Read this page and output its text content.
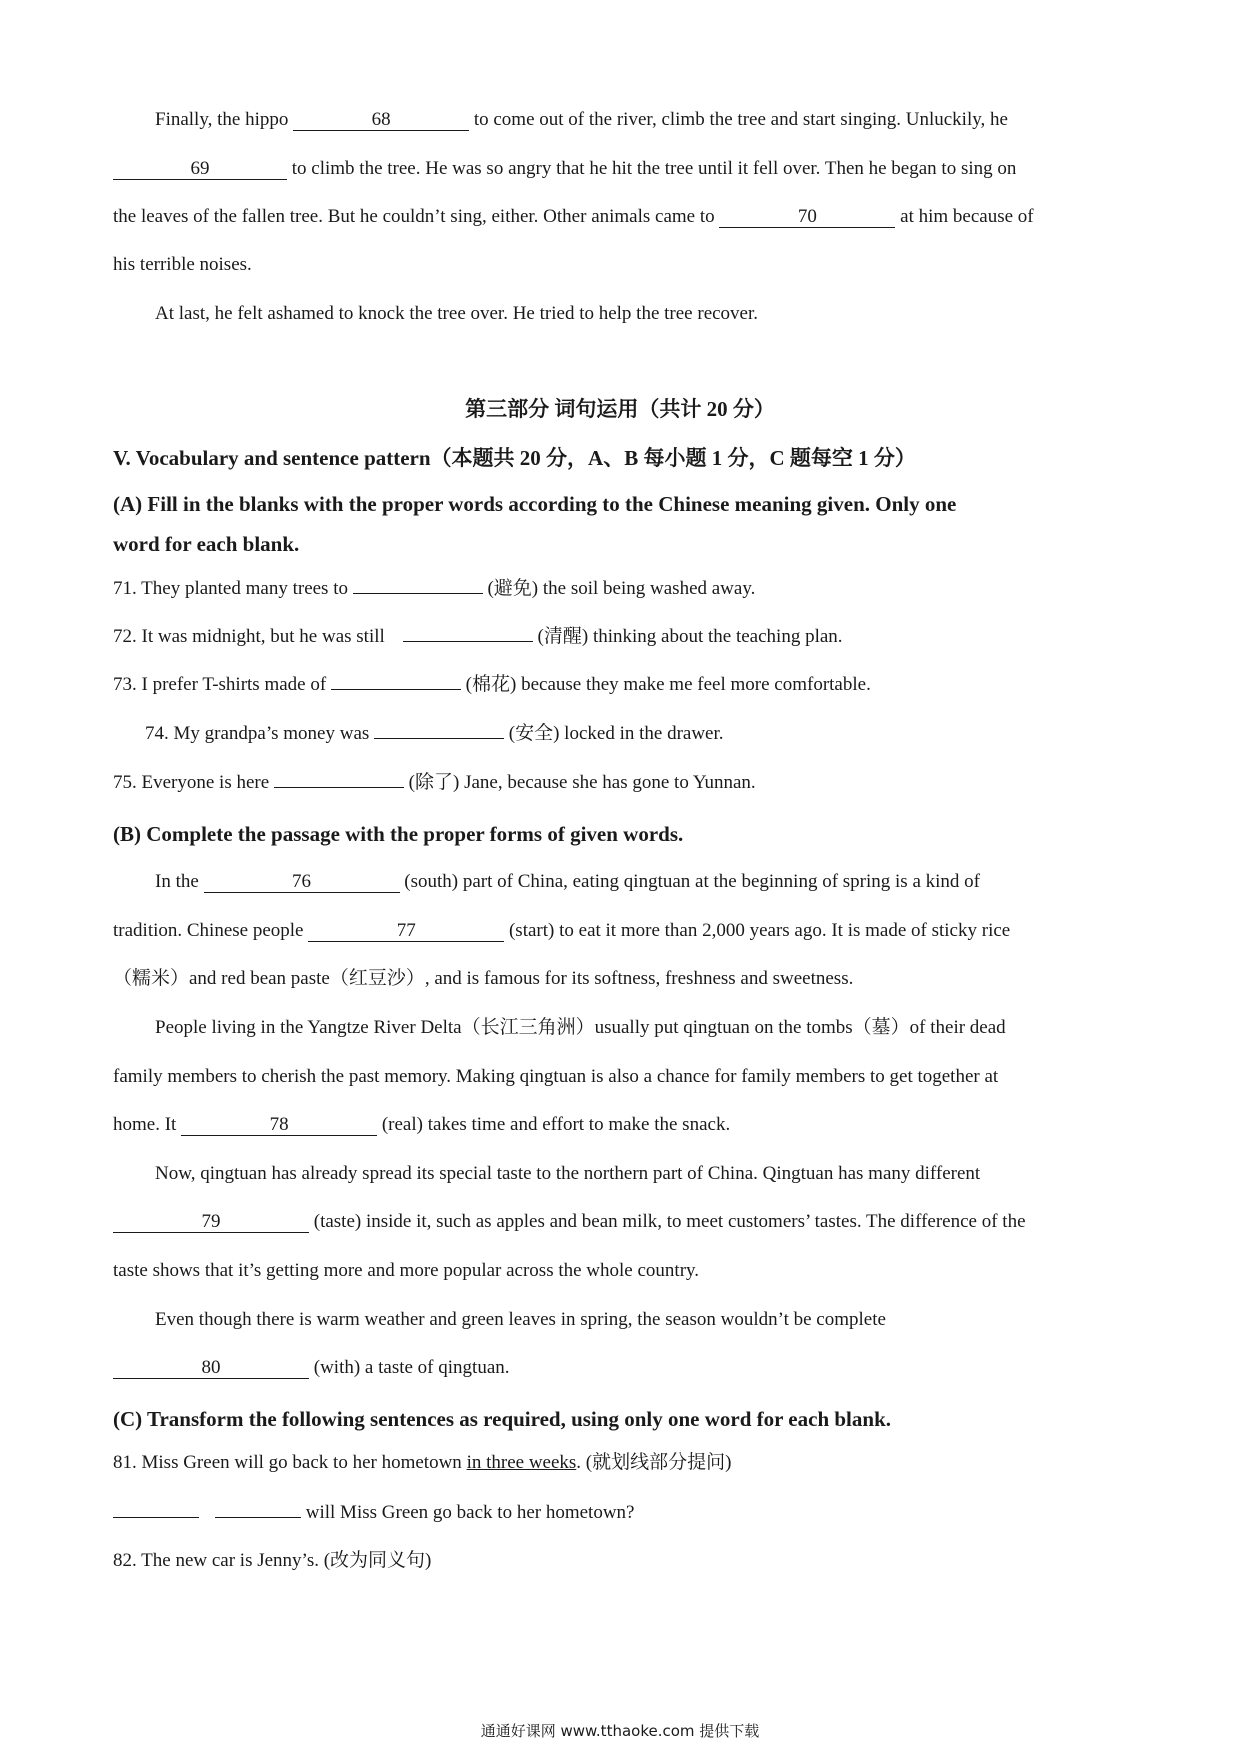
Finally, the hippo	68	to come out of the river, climb the tree and start singing. Unluckily, he
69	to climb the tree. He was so angry that he hit the tree until it fell over. Then he began to sing on
the leaves of the fallen tree. But he couldn’t sing, either. Other animals came to	70	at him because of
his terrible noises.
At last, he felt ashamed to knock the tree over. He tried to help the tree recover.
第三部分 词句运用（共计 20 分）
V. Vocabulary and sentence pattern（本题共 20 分，A、B 每小题 1 分，C 题每空 1 分）
(A) Fill in the blanks with the proper words according to the Chinese meaning given. Only one
word for each blank.
71. They planted many trees to	(避免) the soil being washed away.
72. It was midnight, but he was still	(清醒) thinking about the teaching plan.
73. I prefer T-shirts made of	(棉花) because they make me feel more comfortable.
74. My grandpa’s money was	(安全) locked in the drawer.
75. Everyone is here	(除了) Jane, because she has gone to Yunnan.
(B) Complete the passage with the proper forms of given words.
In the	76	(south) part of China, eating qingtuan at the beginning of spring is a kind of
tradition. Chinese people	77	(start) to eat it more than 2,000 years ago. It is made of sticky rice
（糯米）and red bean paste（红豆沙）, and is famous for its softness, freshness and sweetness.
People living in the Yangtze River Delta（长江三角洲）usually put qingtuan on the tombs（墓）of their dead
family members to cherish the past memory. Making qingtuan is also a chance for family members to get together at
home. It	78	(real) takes time and effort to make the snack.
Now, qingtuan has already spread its special taste to the northern part of China. Qingtuan has many different
79	(taste) inside it, such as apples and bean milk, to meet customers’ tastes. The difference of the
taste shows that it’s getting more and more popular across the whole country.
Even though there is warm weather and green leaves in spring, the season wouldn’t be complete
80	(with) a taste of qingtuan.
(C) Transform the following sentences as required, using only one word for each blank.
81. Miss Green will go back to her hometown in three weeks. (就划线部分提问)
will Miss Green go back to her hometown?
82. The new car is Jenny’s. (改为同义句)
通通好课网 www.tthaoke.com 提供下载
